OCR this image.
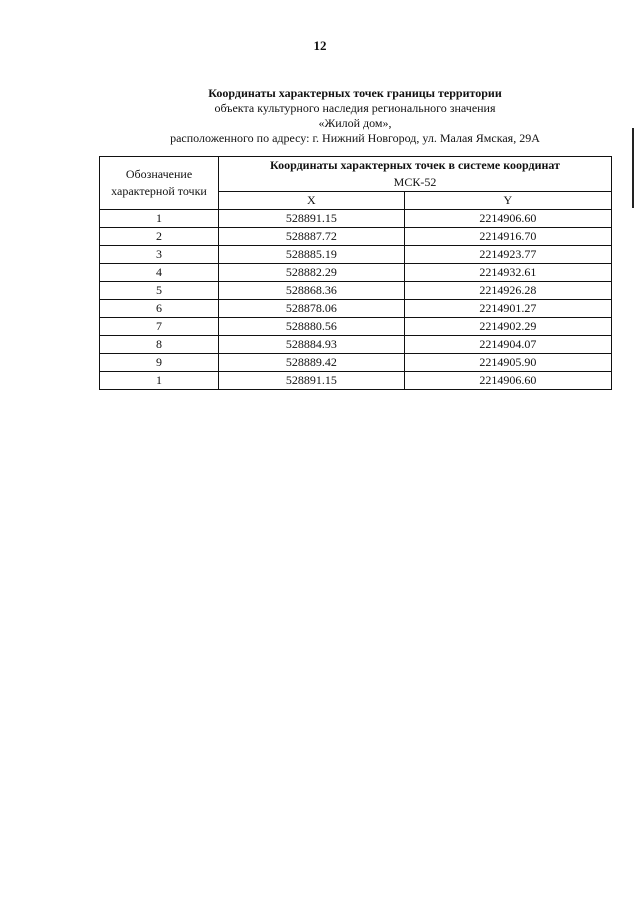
12
Координаты характерных точек границы территории
объекта культурного наследия регионального значения
«Жилой дом»,
расположенного по адресу: г. Нижний Новгород, ул. Малая Ямская, 29А
Обозначение характерной точки	Координаты характерных точек в системе координат
МСК-52	

	X	Y
1	528891.15	2214906.60
2	528887.72	2214916.70
3	528885.19	2214923.77
4	528882.29	2214932.61
5	528868.36	2214926.28
6	528878.06	2214901.27
7	528880.56	2214902.29
8	528884.93	2214904.07
9	528889.42	2214905.90
1	528891.15	2214906.60
